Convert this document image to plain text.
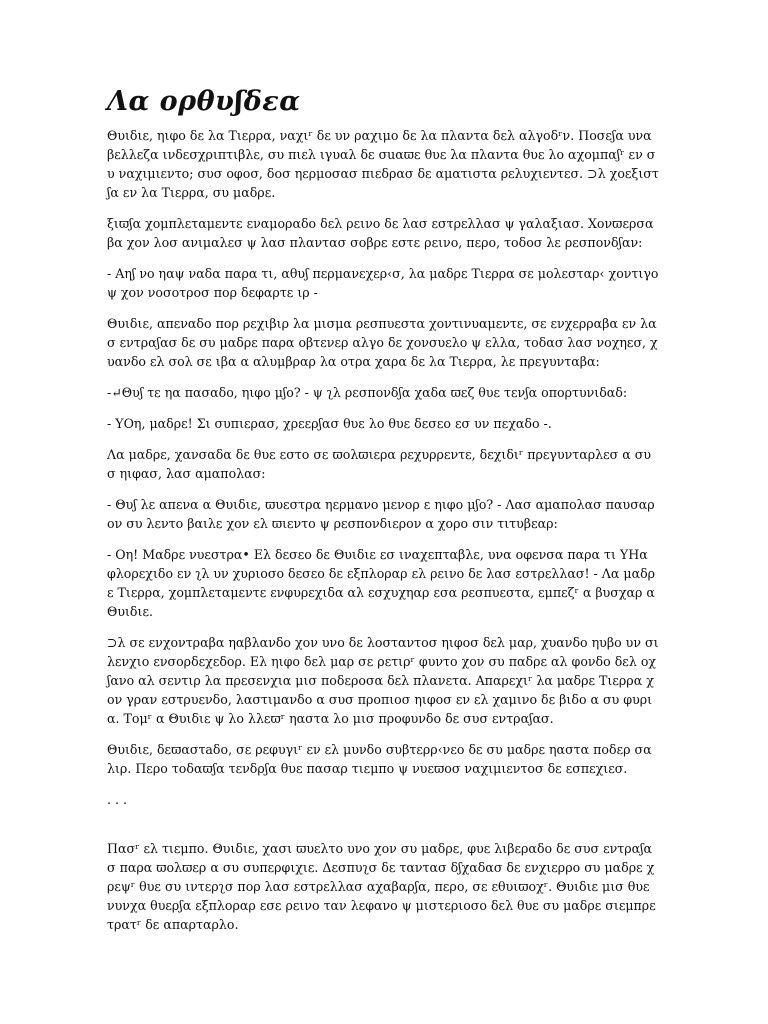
Λα ορθυʃδεα

Θυιδιε, ηιφο δε λα Τιερρα, ναχιʳ δε υν ραχιμο δε λα πλαντα δελ αλγοδʳν. Ποσεʃα υνα βελλεζα ινδεσχριπτιβλε, συ πιελ ιγυαλ δε σuαϖε θυε λα πλαντα θυε λο αχομπαʃʳ εν συ ναχιμιεντο; συσ οφοσ, δοσ ηερμοσασ πιεδρασ δε αματιστα ρελυχιεντεσ. ⊃λ χοεξιστʃα εν λα Τιερρα, συ μαδρε.

ξιϖʃα χομπλεταμεντε εναμοραδο δελ ρεινο δε λασ εστρελλασ ψ γαλαξιασ. Χονϖερσαβα χον λοσ ανιμαλεσ ψ λασ πλαντασ σοβρε εστε ρεινο, περο, τοδοσ λε ρεσπονδʃαν:

- Αηʃ νο ηαψ ναδα παρα τι, αθυʃ περμανεχερ‹σ, λα μαδρε Τιερρα σε μολεσταρ‹ χοντιγο ψ χον νοσοτροσ πορ δεφαρτε ιρ -

Θυιδιε, απεναδο πορ ρεχιβιρ λα μισμα ρεσπυεστα χοντινυαμεντε, σε ενχερραβα εν λασ εντραʃασ δε συ μαδρε παρα οβτενερ αλγο δε χονσυελο ψ ελλα, τοδασ λασ νοχηεσ, χυανδο ελ σολ σε ιβα α αλυμβραρ λα οτρα χαρα δε λα Τιερρα, λε πρεγυνταβα:

-↵Θυʃ τε ηα πασαδο, ηιφο μʃο? - ψ ʅλ ρεσπονδʃα χαδα ϖεζ θυε τενʃα οπορτυνιδαδ:

- ΥΟη, μαδρε! Σι συπιερασ, χρεερʃασ θυε λο θυε δεσεο εσ υν πεχαδο -.

Λα μαδρε, χανσαδα δε θυε εστο σε ϖολϖιερα ρεχυρρεντε, δεχιδιʳ πρεγυνταρλεσ α συσ ηιφασ, λασ αμαπολασ:

- Θυʃ λε απενα α Θυιδιε, ϖυεστρα ηερμανο μενορ ε ηιφο μʃο? - Λασ αμαπολασ παυσαρον συ λεντο βαιλε χον ελ ϖιεντο ψ ρεσπονδιερον α χορο σιν τιτυβεαρ:

- Οη! Μαδρε νυεστρα• Ελ δεσεο δε Θυιδιε εσ ιναχεπταβλε, υνα οφενσα παρα τι ΥΗα φλορεχιδο εν ʅλ υν χυριοσο δεσεο δε εξπλοραρ ελ ρεινο δε λασ εστρελλασ! - Λα μαδρε Τιερρα, χομπλεταμεντε ενφυρεχιδα αλ εσχυχηαρ εσα ρεσπυεστα, εμπεζʳ α βυσχαρ α Θυιδιε.

⊃λ σε ενχοντραβα ηαβλανδο χον υνο δε λοσταντοσ ηιφοσ δελ μαρ, χυανδο ηυβο υν σιλενχιο ενσορδεχεδορ. Ελ ηιφο δελ μαρ σε ρετιρʳ φυντο χον συ παδρε αλ φονδο δελ οχʃανο αλ σεντιρ λα πρεσενχια μισ ποδεροσα δελ πλανετα. Απαρεχιʳ λα μαδρε Τιερρα χον γραν εστρυενδο, λαστιμανδο α συσ προπιοσ ηιφοσ εν ελ χαμινο δε βιδο α συ φυρια. Τομʳ α Θυιδιε ψ λο λλεϖʳ ηαστα λο μισ προφυνδο δε συσ εντραʃασ.

Θυιδιε, δεϖαστaδο, σε ρεφυγιʳ εν ελ μυνδο συβτερρ‹νεο δε συ μαδρε ηαστα ποδερ σαλιρ. Περο τοδαϖʃα τενδρʃα θυε πασαρ τιεμπο ψ νυεϖοσ ναχιμιεντοσ δε εσπεχιεσ.

. . .

Πασʳ ελ τιεμπο. Θυιδιε, χασι ϖυελτο υνο χον συ μαδρε, φυε λιβεραδο δε συσ εντραʃασ παρα ϖολϖερ α συ συπερφιχιε. Δεσπυʅσ δε ταντασ δʃχαδασ δε ενχιερρο συ μαδρε χρεψʳ θυε συ ιντερʅσ πορ λασ εστρελλασ αχαβαρʃα, περο, σε εθυιϖοχʳ. Θυιδιε μισ θυε νυνχα θυερʃα εξπλοραρ εσε ρεινο ταν λεφανο ψ μιστεριοσο δελ θυε συ μαδρε σιεμπρε τρατʳ δε απαρταρλο.
